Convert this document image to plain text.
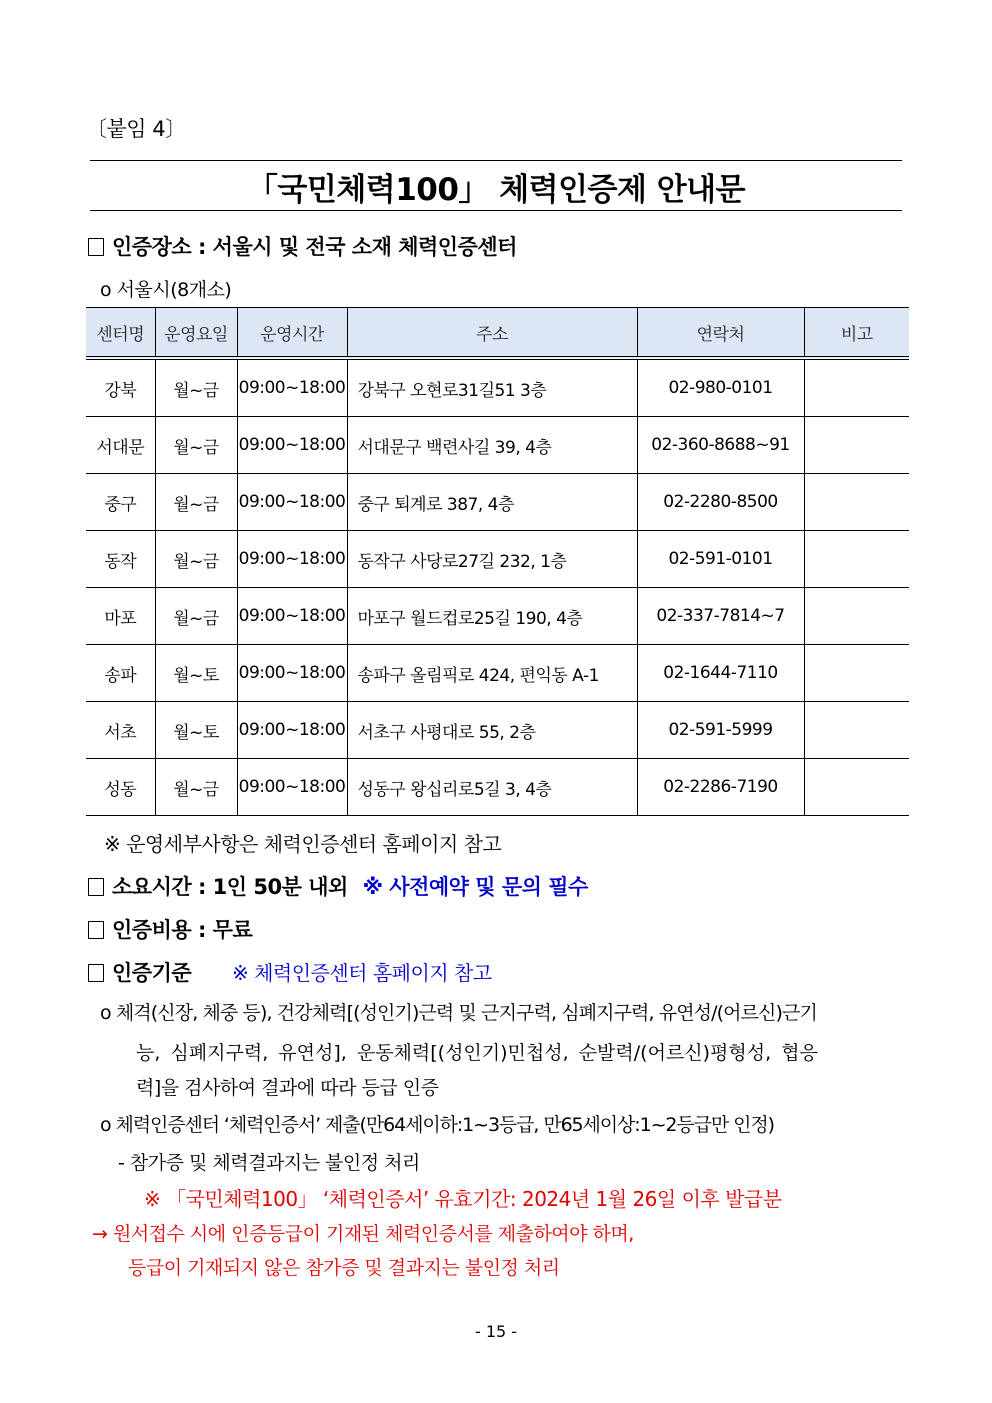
〔붙임 4〕
「국민체력100」 체력인증제 안내문
인증장소 : 서울시 및 전국 소재 체력인증센터
o 서울시(8개소)
센터명	운영요일	운영시간	주소	연락처	비고
강북	월~금	09:00~18:00	강북구 오현로31길51 3층	02-980-0101	
서대문	월~금	09:00~18:00	서대문구 백련사길 39, 4층	02-360-8688~91	
중구	월~금	09:00~18:00	중구 퇴계로 387, 4층	02-2280-8500	
동작	월~금	09:00~18:00	동작구 사당로27길 232, 1층	02-591-0101	
마포	월~금	09:00~18:00	마포구 월드컵로25길 190, 4층	02-337-7814~7	
송파	월~토	09:00~18:00	송파구 올림픽로 424, 편익동 A-1	02-1644-7110	
서초	월~토	09:00~18:00	서초구 사평대로 55, 2층	02-591-5999	
성동	월~금	09:00~18:00	성동구 왕십리로5길 3, 4층	02-2286-7190	
※ 운영세부사항은 체력인증센터 홈페이지 참고
소요시간 : 1인 50분 내외 ※ 사전예약 및 문의 필수
인증비용 : 무료
인증기준 ※ 체력인증센터 홈페이지 참고
o 체격(신장, 체중 등), 건강체력[(성인기)근력 및 근지구력, 심폐지구력, 유연성/(어르신)근기
능, 심폐지구력, 유연성], 운동체력[(성인기)민첩성, 순발력/(어르신)평형성, 협응
력]을 검사하여 결과에 따라 등급 인증
o 체력인증센터 ‘체력인증서’ 제출(만64세이하:1~3등급, 만65세이상:1~2등급만 인정)
- 참가증 및 체력결과지는 불인정 처리
※ 「국민체력100」 ‘체력인증서’ 유효기간: 2024년 1월 26일 이후 발급분
→ 원서접수 시에 인증등급이 기재된 체력인증서를 제출하여야 하며,
등급이 기재되지 않은 참가증 및 결과지는 불인정 처리
- 15 -
